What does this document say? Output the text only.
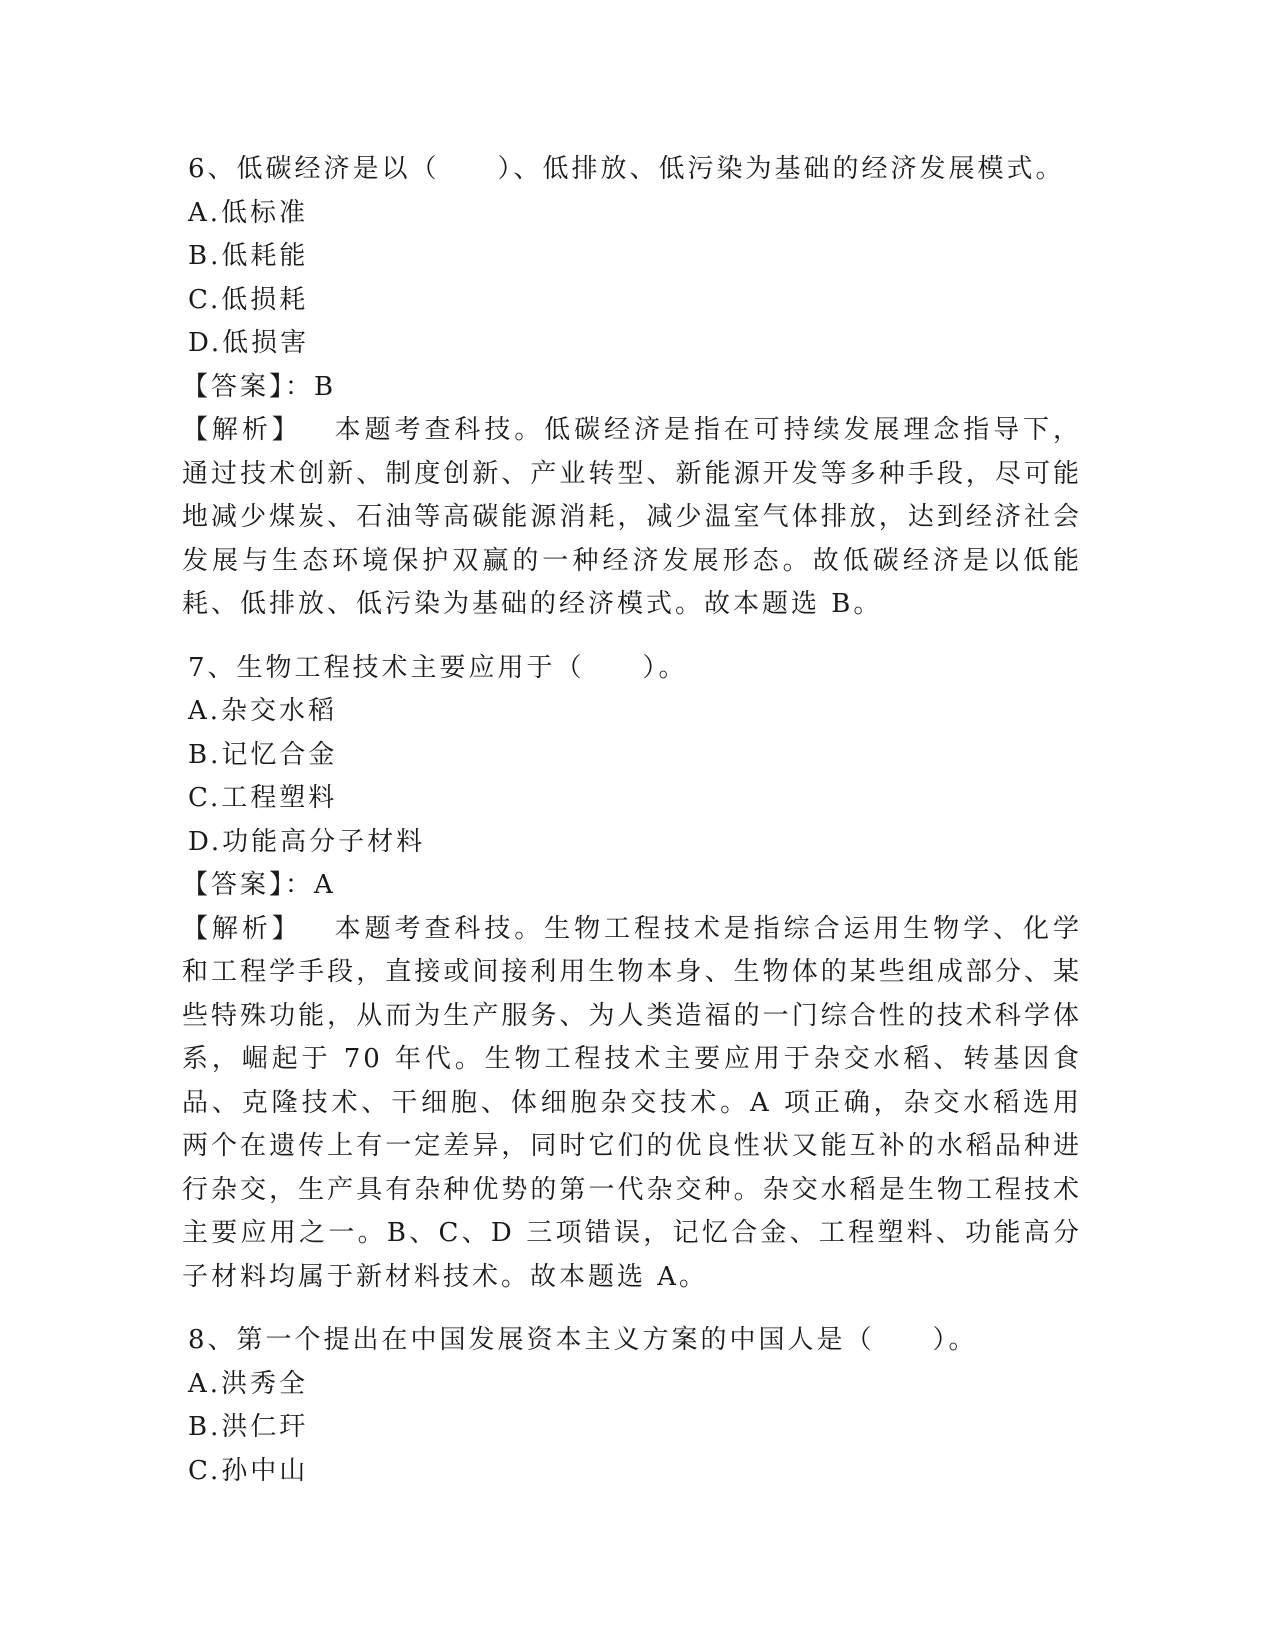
6、低碳经济是以（　　）、低排放、低污染为基础的经济发展模式。
A.低标准
B.低耗能
C.低损耗
D.低损害
【答案】：B
【解析】 本题考查科技。低碳经济是指在可持续发展理念指导下，通过技术创新、制度创新、产业转型、新能源开发等多种手段，尽可能地减少煤炭、石油等高碳能源消耗，减少温室气体排放，达到经济社会发展与生态环境保护双赢的一种经济发展形态。故低碳经济是以低能耗、低排放、低污染为基础的经济模式。故本题选 B。
7、生物工程技术主要应用于（　　）。
A.杂交水稻
B.记忆合金
C.工程塑料
D.功能高分子材料
【答案】：A
【解析】 本题考查科技。生物工程技术是指综合运用生物学、化学和工程学手段，直接或间接利用生物本身、生物体的某些组成部分、某些特殊功能，从而为生产服务、为人类造福的一门综合性的技术科学体系，崛起于 70 年代。生物工程技术主要应用于杂交水稻、转基因食品、克隆技术、干细胞、体细胞杂交技术。A 项正确，杂交水稻选用两个在遗传上有一定差异，同时它们的优良性状又能互补的水稻品种进行杂交，生产具有杂种优势的第一代杂交种。杂交水稻是生物工程技术主要应用之一。B、C、D 三项错误，记忆合金、工程塑料、功能高分子材料均属于新材料技术。故本题选 A。
8、第一个提出在中国发展资本主义方案的中国人是（　　）。
A.洪秀全
B.洪仁玕
C.孙中山
